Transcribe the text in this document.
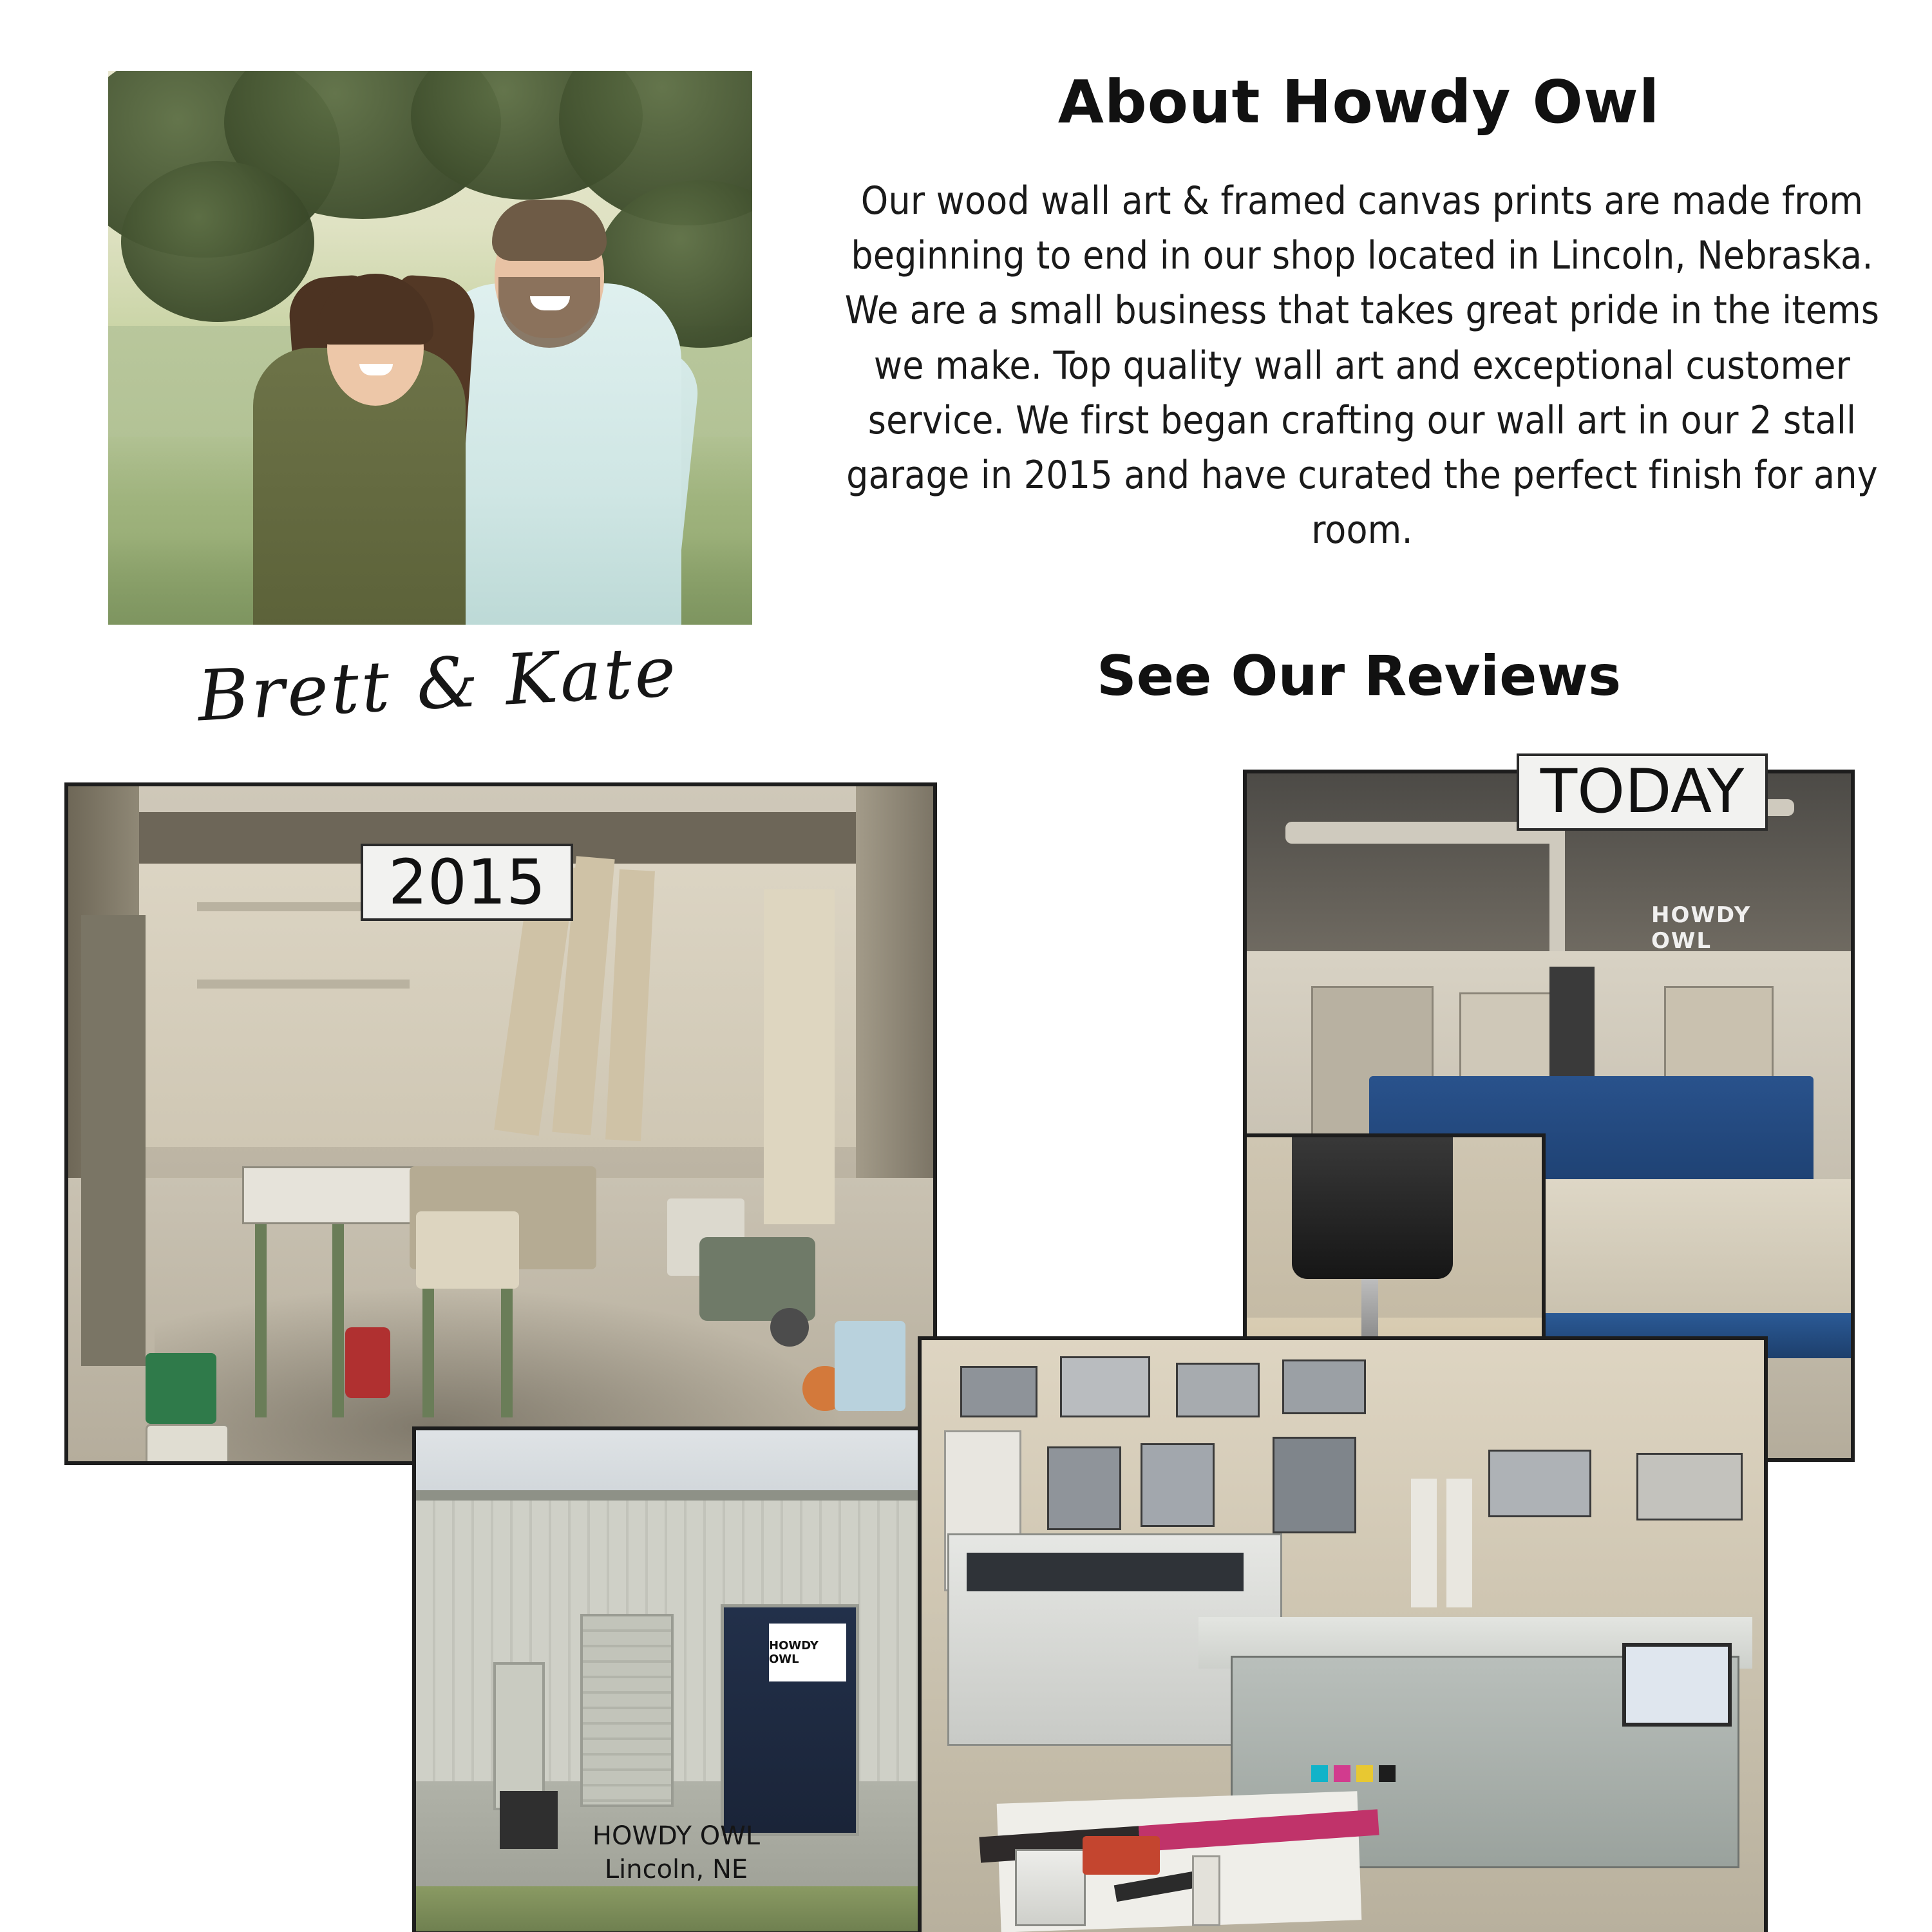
Brett & Kate
About Howdy Owl
Our wood wall art & framed canvas prints are made from beginning to end in our shop located in Lincoln, Nebraska. We are a small business that takes great pride in the items we make. Top quality wall art and exceptional customer service. We first began crafting our wall art in our 2 stall garage in 2015 and have curated the perfect finish for any room.
See Our Reviews
2015	HOWDY OWL
TODAY
HOWDY OWL
HOWDY OWL
Lincoln, NE
